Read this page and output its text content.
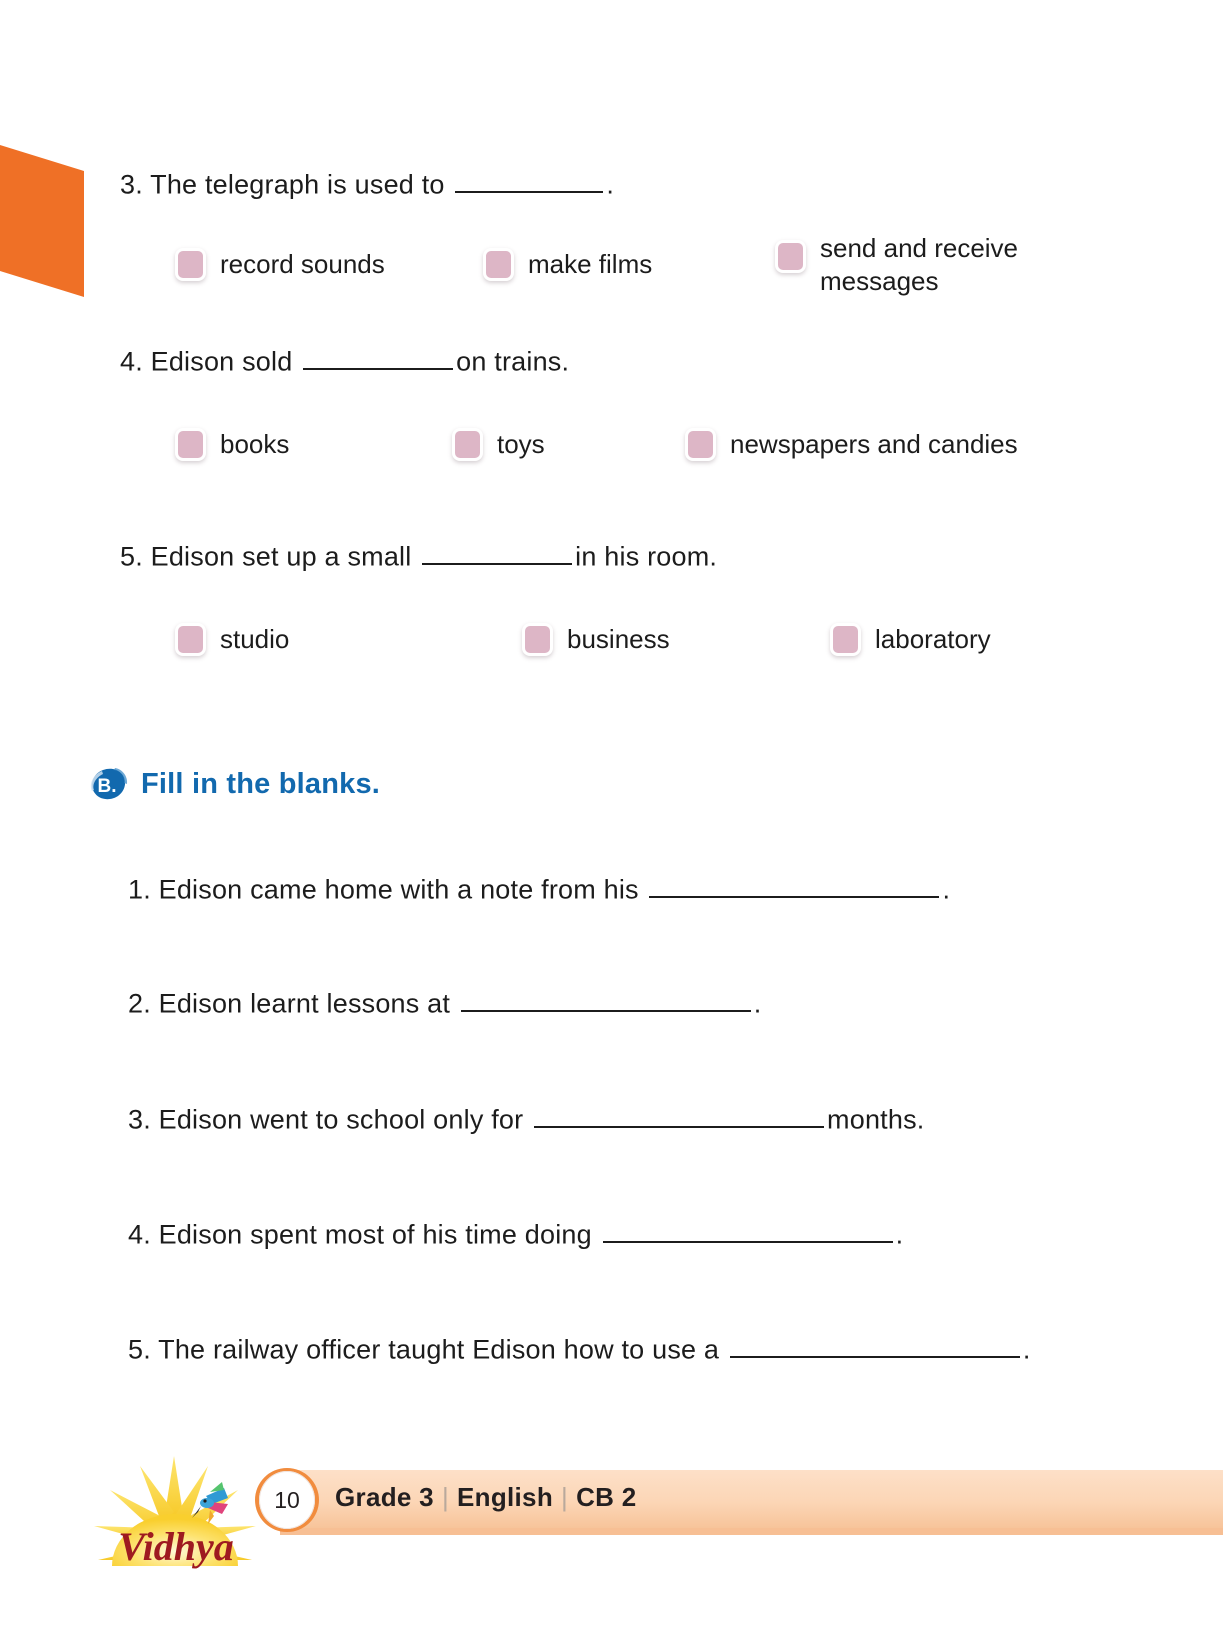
3. The telegraph is used to	.
record sounds	make films
send and receive messages
4. Edison sold	on trains.
books	toys	newspapers and candies
5. Edison set up a small	in his room.
studio	business	laboratory
B. Fill in the blanks.
1. Edison came home with a note from his	.
2. Edison learnt lessons at	.
3. Edison went to school only for	months.
4. Edison spent most of his time doing	.
5. The railway officer taught Edison how to use a	.
Vidhya
10 Grade 3 | English | CB 2
